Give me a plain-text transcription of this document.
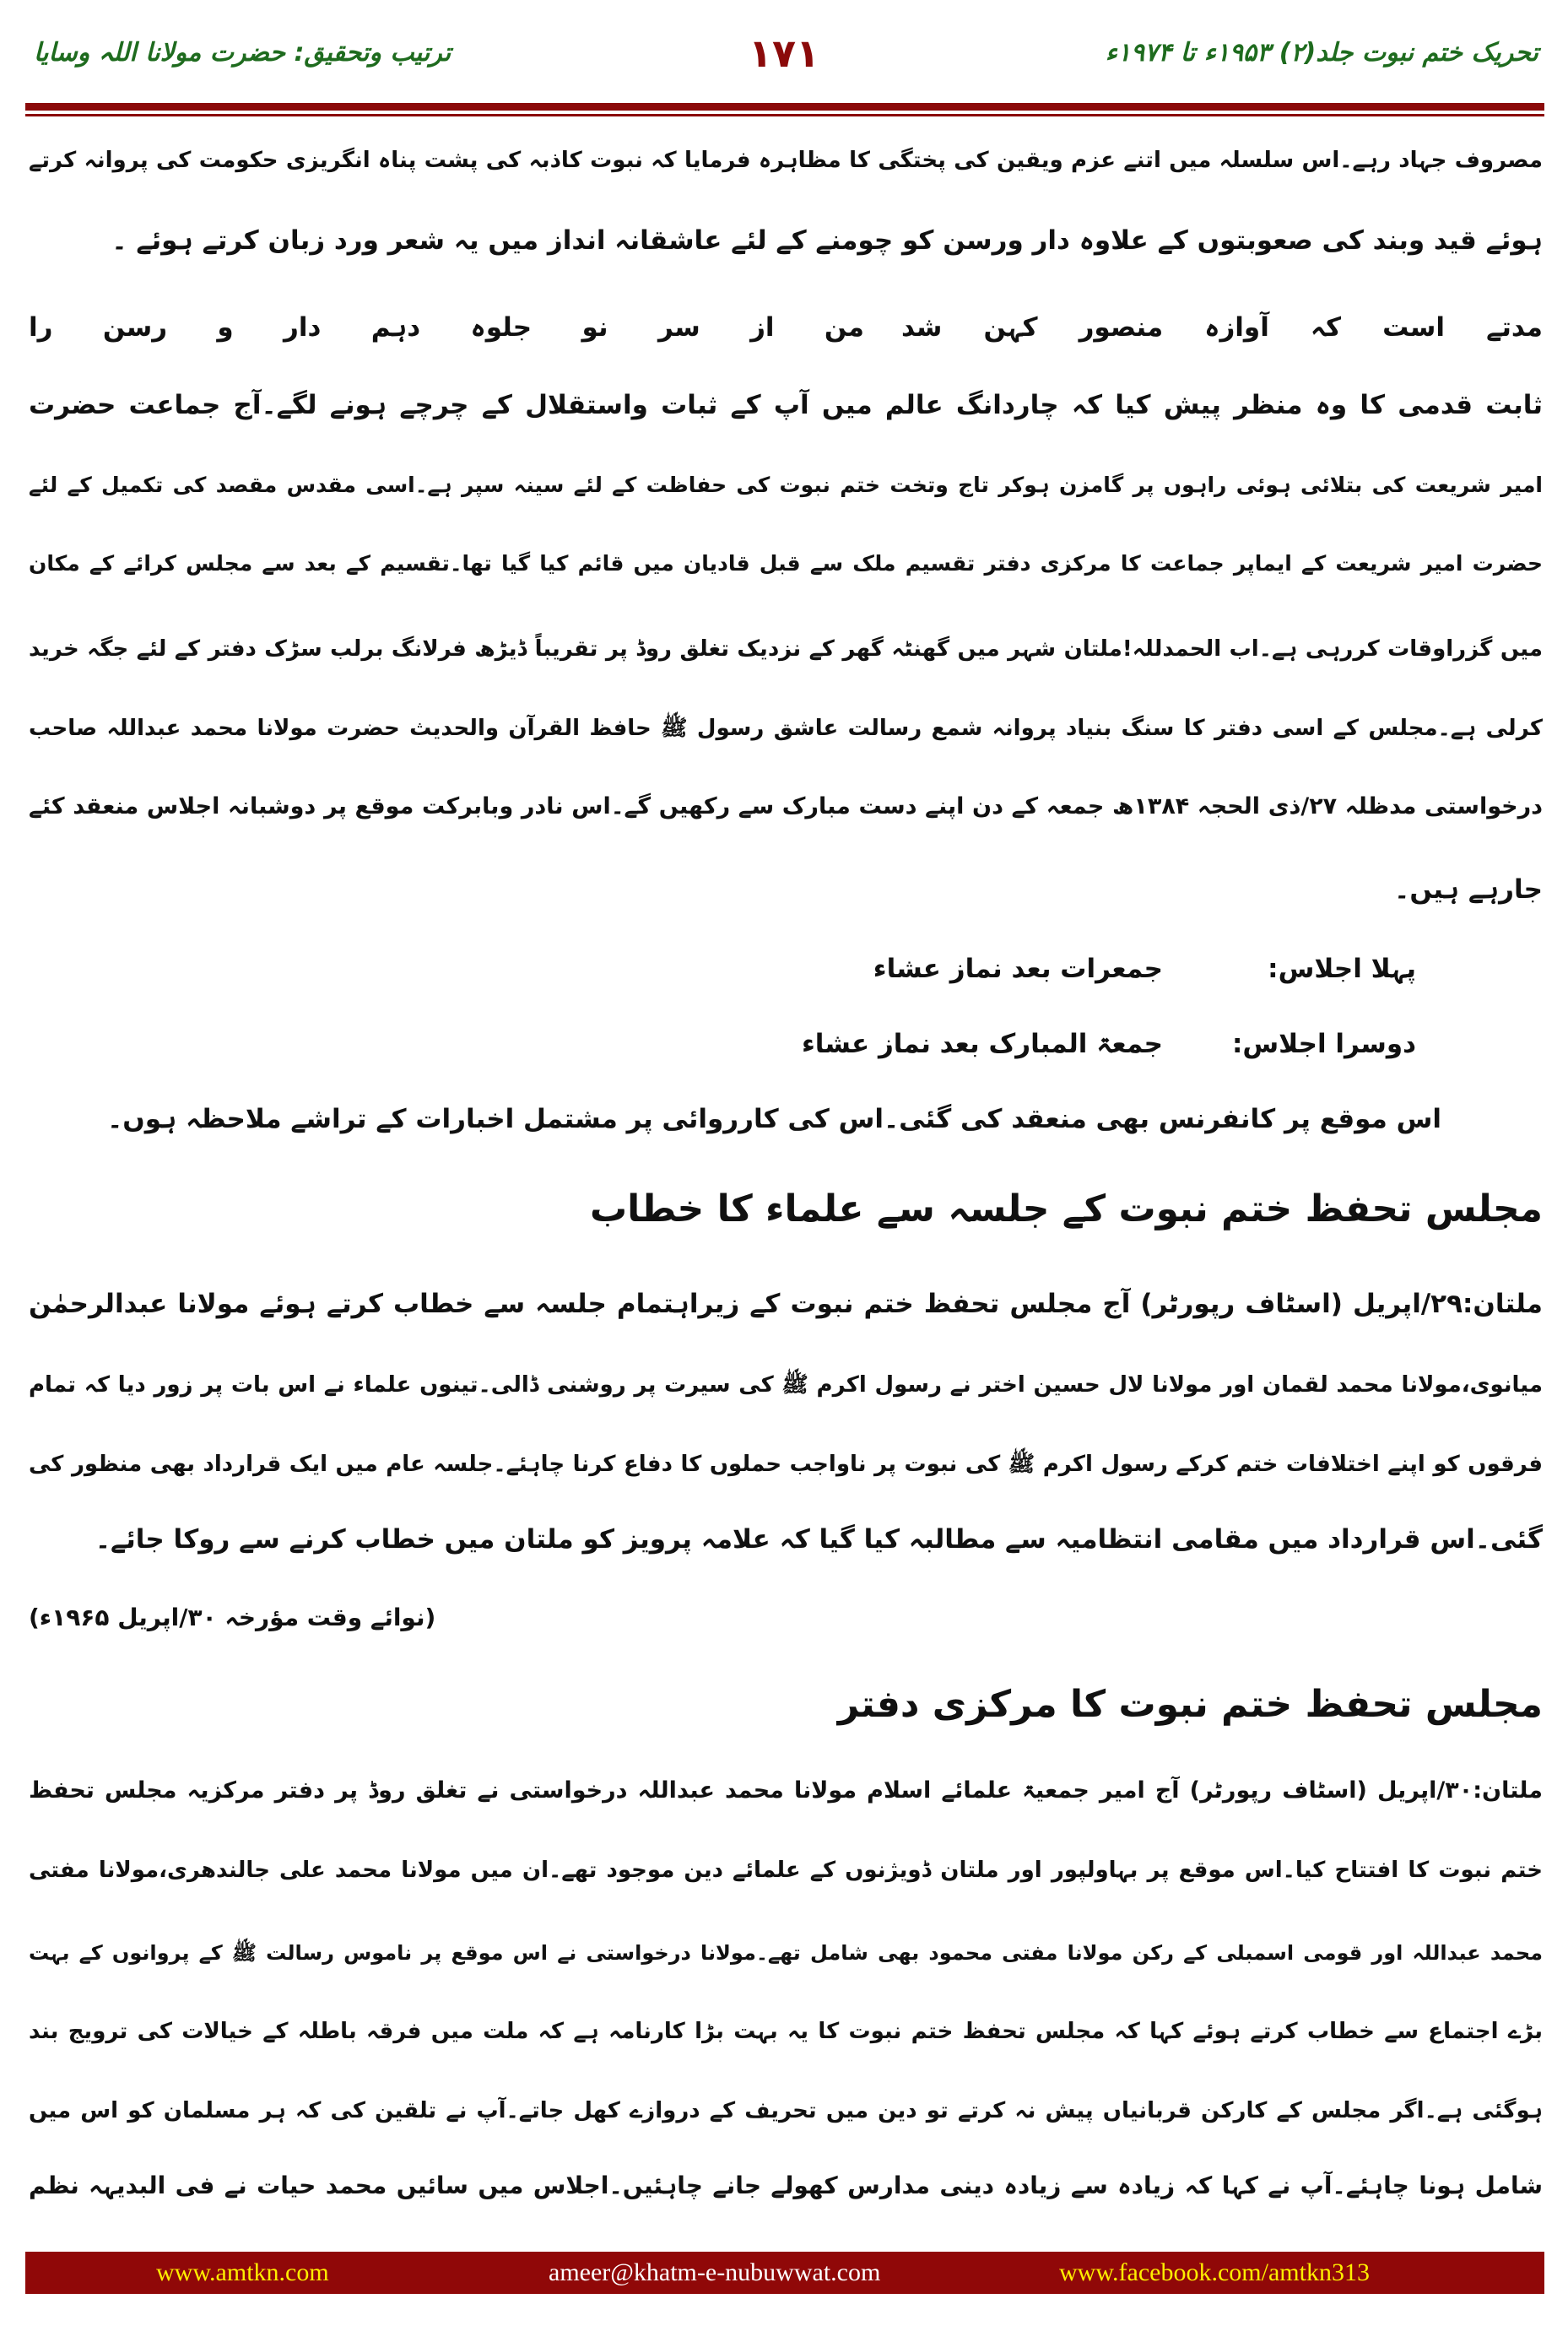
تحریک ختم نبوت جلد(۲) ۱۹۵۳ء تا ۱۹۷۴ء
۱۷۱
ترتیب وتحقیق: حضرت مولانا اللہ وسایا
مصروف جہاد رہے۔اس سلسلہ میں اتنے عزم ویقین کی پختگی کا مظاہرہ فرمایا کہ نبوت کاذبہ کی پشت پناہ انگریزی حکومت کی پروانہ کرتے
ہوئے قید وبند کی صعوبتوں کے علاوہ دار ورسن کو چومنے کے لئے عاشقانہ انداز میں یہ شعر ورد زبان کرتے ہوئے ۔
مدتے است کہ آوازہ منصور کہن شد
من از سر نو جلوہ دہم دار و رسن را
ثابت قدمی کا وہ منظر پیش کیا کہ چاردانگ عالم میں آپ کے ثبات واستقلال کے چرچے ہونے لگے۔آج جماعت حضرت
امیر شریعت کی بتلائی ہوئی راہوں پر گامزن ہوکر تاج وتخت ختم نبوت کی حفاظت کے لئے سینہ سپر ہے۔اسی مقدس مقصد کی تکمیل کے لئے
حضرت امیر شریعت کے ایماپر جماعت کا مرکزی دفتر تقسیم ملک سے قبل قادیان میں قائم کیا گیا تھا۔تقسیم کے بعد سے مجلس کرائے کے مکان
میں گزراوقات کررہی ہے۔اب الحمدللہ!ملتان شہر میں گھنٹہ گھر کے نزدیک تغلق روڈ پر تقریباً ڈیڑھ فرلانگ برلب سڑک دفتر کے لئے جگہ خرید
کرلی ہے۔مجلس کے اسی دفتر کا سنگ بنیاد پروانہ شمع رسالت عاشق رسول ﷺ حافظ القرآن والحدیث حضرت مولانا محمد عبداللہ صاحب
درخواستی مدظلہ ۲۷/ذی الحجہ ۱۳۸۴ھ جمعہ کے دن اپنے دست مبارک سے رکھیں گے۔اس نادر وبابرکت موقع پر دوشبانہ اجلاس منعقد کئے
جارہے ہیں۔
پہلا اجلاس:
جمعرات بعد نماز عشاء
دوسرا اجلاس:
جمعۃ المبارک بعد نماز عشاء
اس موقع پر کانفرنس بھی منعقد کی گئی۔اس کی کارروائی پر مشتمل اخبارات کے تراشے ملاحظہ ہوں۔
مجلس تحفظ ختم نبوت کے جلسہ سے علماء کا خطاب
ملتان:۲۹/اپریل (اسٹاف رپورٹر) آج مجلس تحفظ ختم نبوت کے زیراہتمام جلسہ سے خطاب کرتے ہوئے مولانا عبدالرحمٰن
میانوی،مولانا محمد لقمان اور مولانا لال حسین اختر نے رسول اکرم ﷺ کی سیرت پر روشنی ڈالی۔تینوں علماء نے اس بات پر زور دیا کہ تمام
فرقوں کو اپنے اختلافات ختم کرکے رسول اکرم ﷺ کی نبوت پر ناواجب حملوں کا دفاع کرنا چاہئے۔جلسہ عام میں ایک قرارداد بھی منظور کی
گئی۔اس قرارداد میں مقامی انتظامیہ سے مطالبہ کیا گیا کہ علامہ پرویز کو ملتان میں خطاب کرنے سے روکا جائے۔
(نوائے وقت مؤرخہ ۳۰/اپریل ۱۹۶۵ء)
مجلس تحفظ ختم نبوت کا مرکزی دفتر
ملتان:۳۰/اپریل (اسٹاف رپورٹر) آج امیر جمعیۃ علمائے اسلام مولانا محمد عبداللہ درخواستی نے تغلق روڈ پر دفتر مرکزیہ مجلس تحفظ
ختم نبوت کا افتتاح کیا۔اس موقع پر بہاولپور اور ملتان ڈویژنوں کے علمائے دین موجود تھے۔ان میں مولانا محمد علی جالندھری،مولانا مفتی
محمد عبداللہ اور قومی اسمبلی کے رکن مولانا مفتی محمود بھی شامل تھے۔مولانا درخواستی نے اس موقع پر ناموس رسالت ﷺ کے پروانوں کے بہت
بڑے اجتماع سے خطاب کرتے ہوئے کہا کہ مجلس تحفظ ختم نبوت کا یہ بہت بڑا کارنامہ ہے کہ ملت میں فرقہ باطلہ کے خیالات کی ترویج بند
ہوگئی ہے۔اگر مجلس کے کارکن قربانیاں پیش نہ کرتے تو دین میں تحریف کے دروازے کھل جاتے۔آپ نے تلقین کی کہ ہر مسلمان کو اس میں
شامل ہونا چاہئے۔آپ نے کہا کہ زیادہ سے زیادہ دینی مدارس کھولے جانے چاہئیں۔اجلاس میں سائیں محمد حیات نے فی البدیہہ نظم
www.amtkn.com	ameer@khatm-e-nubuwwat.com	www.facebook.com/amtkn313
